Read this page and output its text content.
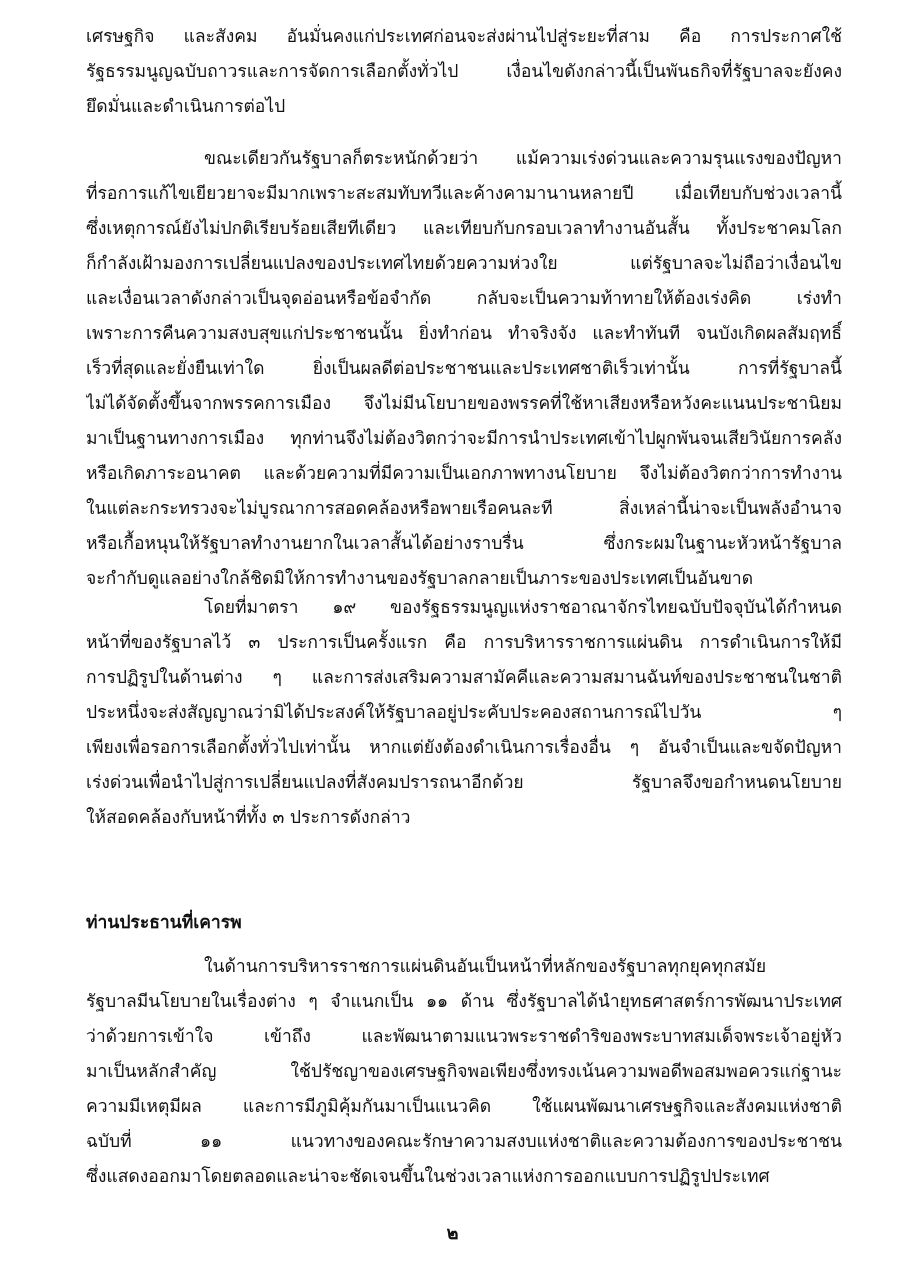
เศรษฐกิจ และสังคม อันมั่นคงแก่ประเทศก่อนจะส่งผ่านไปสู่ระยะที่สาม คือ การประกาศใช้
รัฐธรรมนูญฉบับถาวรและการจัดการเลือกตั้งทั่วไป เงื่อนไขดังกล่าวนี้เป็นพันธกิจที่รัฐบาลจะยังคง
ยึดมั่นและดำเนินการต่อไป
ขณะเดียวกันรัฐบาลก็ตระหนักด้วยว่า แม้ความเร่งด่วนและความรุนแรงของปัญหา
ที่รอการแก้ไขเยียวยาจะมีมากเพราะสะสมทับทวีและค้างคามานานหลายปี เมื่อเทียบกับช่วงเวลานี้
ซึ่งเหตุการณ์ยังไม่ปกติเรียบร้อยเสียทีเดียว และเทียบกับกรอบเวลาทำงานอันสั้น ทั้งประชาคมโลก
ก็กำลังเฝ้ามองการเปลี่ยนแปลงของประเทศไทยด้วยความห่วงใย แต่รัฐบาลจะไม่ถือว่าเงื่อนไข
และเงื่อนเวลาดังกล่าวเป็นจุดอ่อนหรือข้อจำกัด กลับจะเป็นความท้าทายให้ต้องเร่งคิด เร่งทำ
เพราะการคืนความสงบสุขแก่ประชาชนนั้น ยิ่งทำก่อน ทำจริงจัง และทำทันที จนบังเกิดผลสัมฤทธิ์
เร็วที่สุดและยั่งยืนเท่าใด ยิ่งเป็นผลดีต่อประชาชนและประเทศชาติเร็วเท่านั้น การที่รัฐบาลนี้
ไม่ได้จัดตั้งขึ้นจากพรรคการเมือง จึงไม่มีนโยบายของพรรคที่ใช้หาเสียงหรือหวังคะแนนประชานิยม
มาเป็นฐานทางการเมือง ทุกท่านจึงไม่ต้องวิตกว่าจะมีการนำประเทศเข้าไปผูกพันจนเสียวินัยการคลัง
หรือเกิดภาระอนาคต และด้วยความที่มีความเป็นเอกภาพทางนโยบาย จึงไม่ต้องวิตกว่าการทำงาน
ในแต่ละกระทรวงจะไม่บูรณาการสอดคล้องหรือพายเรือคนละที สิ่งเหล่านี้น่าจะเป็นพลังอำนาจ
หรือเกื้อหนุนให้รัฐบาลทำงานยากในเวลาสั้นได้อย่างราบรื่น ซึ่งกระผมในฐานะหัวหน้ารัฐบาล
จะกำกับดูแลอย่างใกล้ชิดมิให้การทำงานของรัฐบาลกลายเป็นภาระของประเทศเป็นอันขาด
โดยที่มาตรา ๑๙ ของรัฐธรรมนูญแห่งราชอาณาจักรไทยฉบับปัจจุบันได้กำหนด
หน้าที่ของรัฐบาลไว้ ๓ ประการเป็นครั้งแรก คือ การบริหารราชการแผ่นดิน การดำเนินการให้มี
การปฏิรูปในด้านต่าง ๆ และการส่งเสริมความสามัคคีและความสมานฉันท์ของประชาชนในชาติ
ประหนึ่งจะส่งสัญญาณว่ามิได้ประสงค์ให้รัฐบาลอยู่ประคับประคองสถานการณ์ไปวัน ๆ
เพียงเพื่อรอการเลือกตั้งทั่วไปเท่านั้น หากแต่ยังต้องดำเนินการเรื่องอื่น ๆ อันจำเป็นและขจัดปัญหา
เร่งด่วนเพื่อนำไปสู่การเปลี่ยนแปลงที่สังคมปรารถนาอีกด้วย รัฐบาลจึงขอกำหนดนโยบาย
ให้สอดคล้องกับหน้าที่ทั้ง ๓ ประการดังกล่าว
ท่านประธานที่เคารพ
ในด้านการบริหารราชการแผ่นดินอันเป็นหน้าที่หลักของรัฐบาลทุกยุคทุกสมัย
รัฐบาลมีนโยบายในเรื่องต่าง ๆ จำแนกเป็น ๑๑ ด้าน ซึ่งรัฐบาลได้นำยุทธศาสตร์การพัฒนาประเทศ
ว่าด้วยการเข้าใจ เข้าถึง และพัฒนาตามแนวพระราชดำริของพระบาทสมเด็จพระเจ้าอยู่หัว
มาเป็นหลักสำคัญ ใช้ปรัชญาของเศรษฐกิจพอเพียงซึ่งทรงเน้นความพอดีพอสมพอควรแก่ฐานะ
ความมีเหตุมีผล และการมีภูมิคุ้มกันมาเป็นแนวคิด ใช้แผนพัฒนาเศรษฐกิจและสังคมแห่งชาติ
ฉบับที่ ๑๑ แนวทางของคณะรักษาความสงบแห่งชาติและความต้องการของประชาชน
ซึ่งแสดงออกมาโดยตลอดและน่าจะชัดเจนขึ้นในช่วงเวลาแห่งการออกแบบการปฏิรูปประเทศ
๒
